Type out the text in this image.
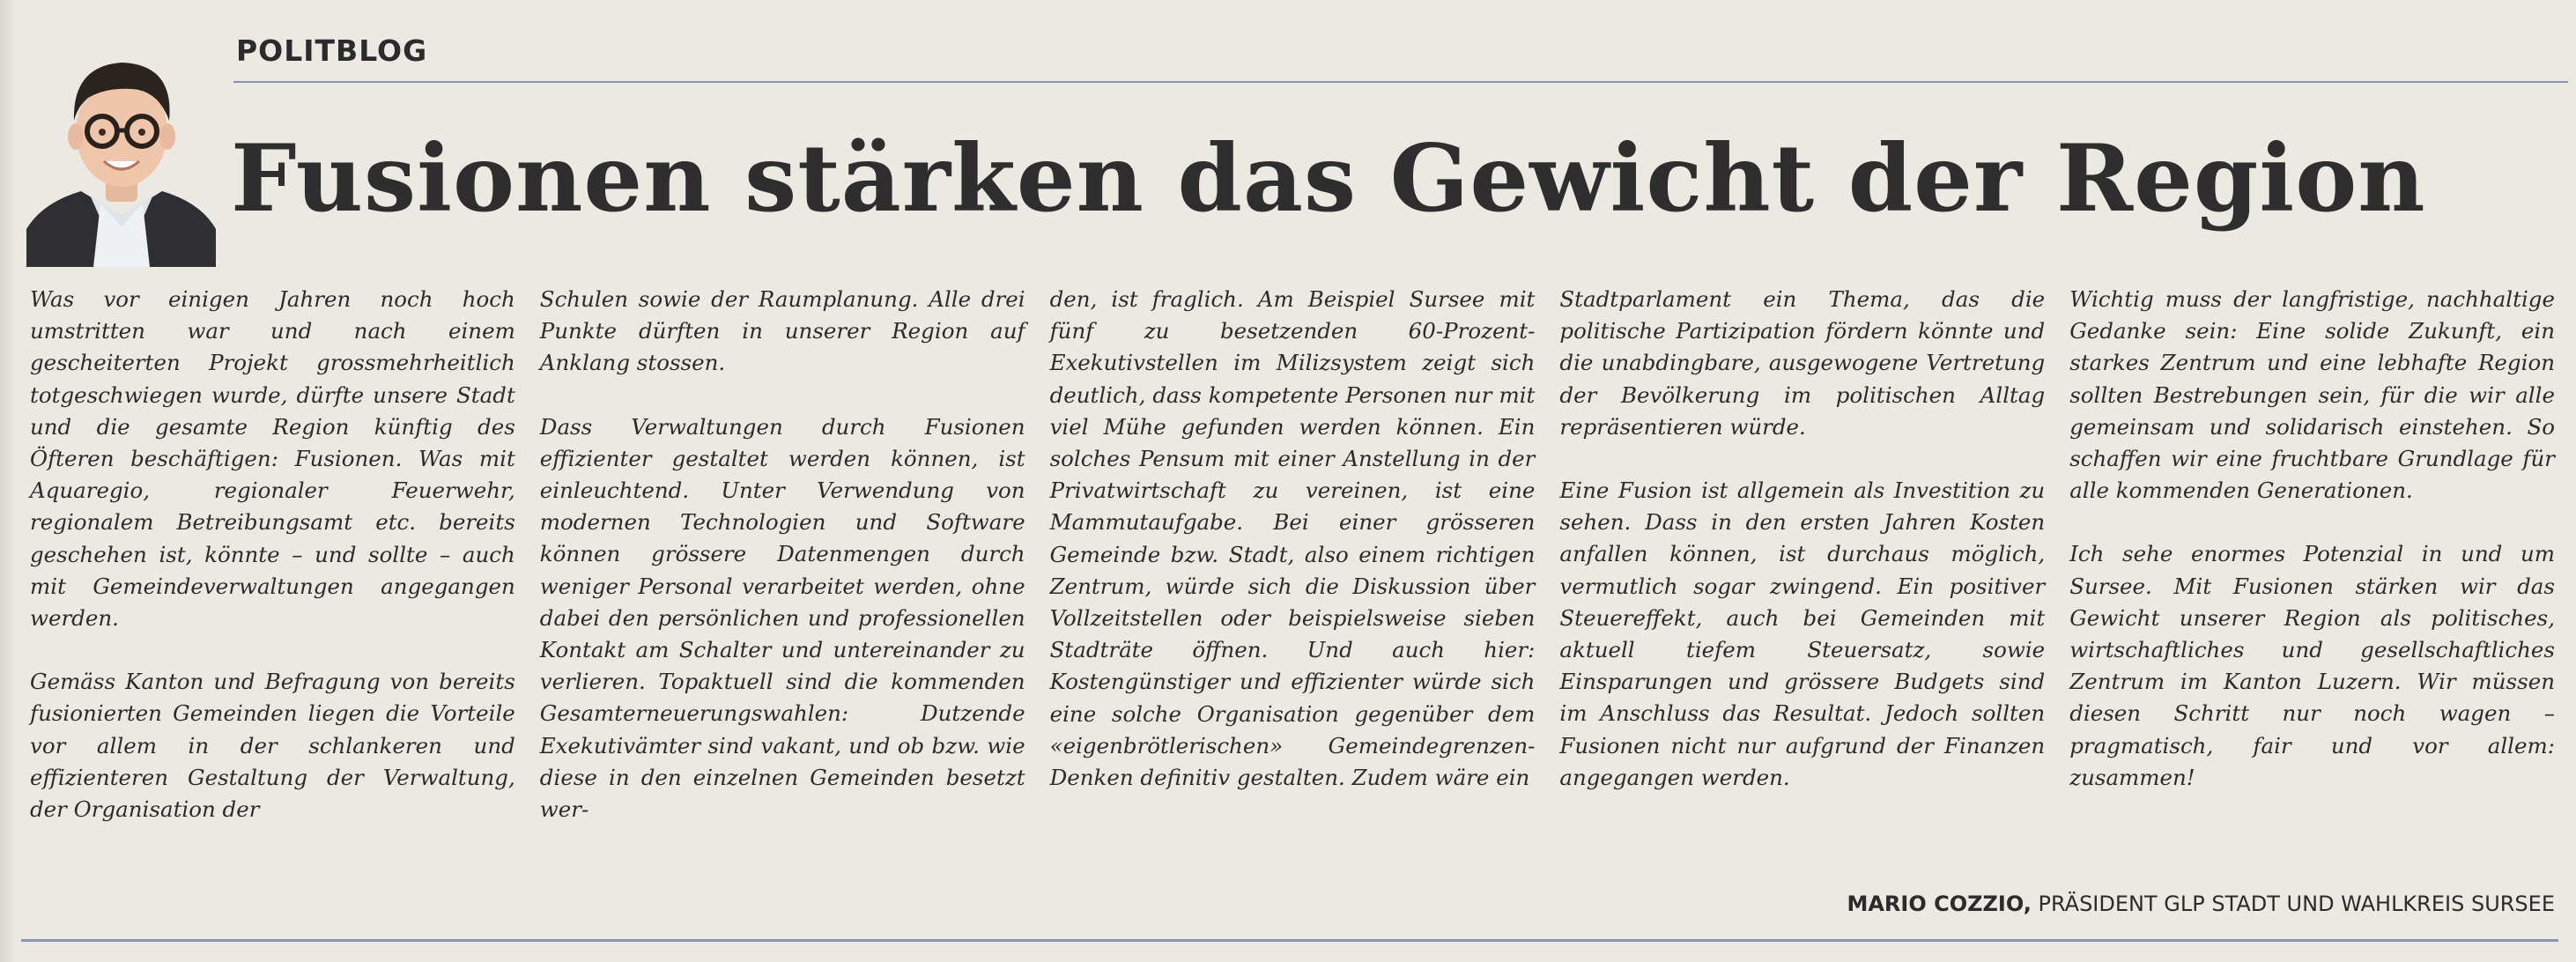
POLITBLOG
Fusionen stärken das Gewicht der Region

Was vor einigen Jahren noch hoch umstritten war und nach einem gescheiterten Projekt grossmehrheitlich totgeschwiegen wurde, dürfte unsere Stadt und die gesamte Region künftig des Öfteren beschäftigen: Fusionen. Was mit Aquaregio, regionaler Feuerwehr, regionalem Betreibungsamt etc. bereits geschehen ist, könnte – und sollte – auch mit Gemeindeverwaltungen angegangen werden.

Gemäss Kanton und Befragung von bereits fusionierten Gemeinden liegen die Vorteile vor allem in der schlankeren und effizienteren Gestaltung der Verwaltung, der Organisation der

Schulen sowie der Raumplanung. Alle drei Punkte dürften in unserer Region auf Anklang stossen.

Dass Verwaltungen durch Fusionen effizienter gestaltet werden können, ist einleuchtend. Unter Verwendung von modernen Technologien und Software können grössere Datenmengen durch weniger Personal verarbeitet werden, ohne dabei den persönlichen und professionellen Kontakt am Schalter und untereinander zu verlieren. Topaktuell sind die kommenden Gesamterneuerungswahlen: Dutzende Exekutivämter sind vakant, und ob bzw. wie diese in den einzelnen Gemeinden besetzt wer-

den, ist fraglich. Am Beispiel Sursee mit fünf zu besetzenden 60-Prozent-Exekutivstellen im Milizsystem zeigt sich deutlich, dass kompetente Personen nur mit viel Mühe gefunden werden können. Ein solches Pensum mit einer Anstellung in der Privatwirtschaft zu vereinen, ist eine Mammutaufgabe. Bei einer grösseren Gemeinde bzw. Stadt, also einem richtigen Zentrum, würde sich die Diskussion über Vollzeitstellen oder beispielsweise sieben Stadträte öffnen. Und auch hier: Kostengünstiger und effizienter würde sich eine solche Organisation gegenüber dem «eigenbrötlerischen» Gemeindegrenzen-Denken definitiv gestalten. Zudem wäre ein

Stadtparlament ein Thema, das die politische Partizipation fördern könnte und die unabdingbare, ausgewogene Vertretung der Bevölkerung im politischen Alltag repräsentieren würde.

Eine Fusion ist allgemein als Investition zu sehen. Dass in den ersten Jahren Kosten anfallen können, ist durchaus möglich, vermutlich sogar zwingend. Ein positiver Steuereffekt, auch bei Gemeinden mit aktuell tiefem Steuersatz, sowie Einsparungen und grössere Budgets sind im Anschluss das Resultat. Jedoch sollten Fusionen nicht nur aufgrund der Finanzen angegangen werden.

Wichtig muss der langfristige, nachhaltige Gedanke sein: Eine solide Zukunft, ein starkes Zentrum und eine lebhafte Region sollten Bestrebungen sein, für die wir alle gemeinsam und solidarisch einstehen. So schaffen wir eine fruchtbare Grundlage für alle kommenden Generationen.

Ich sehe enormes Potenzial in und um Sursee. Mit Fusionen stärken wir das Gewicht unserer Region als politisches, wirtschaftliches und gesellschaftliches Zentrum im Kanton Luzern. Wir müssen diesen Schritt nur noch wagen – pragmatisch, fair und vor allem: zusammen!

MARIO COZZIO, PRÄSIDENT GLP STADT UND WAHLKREIS SURSEE
